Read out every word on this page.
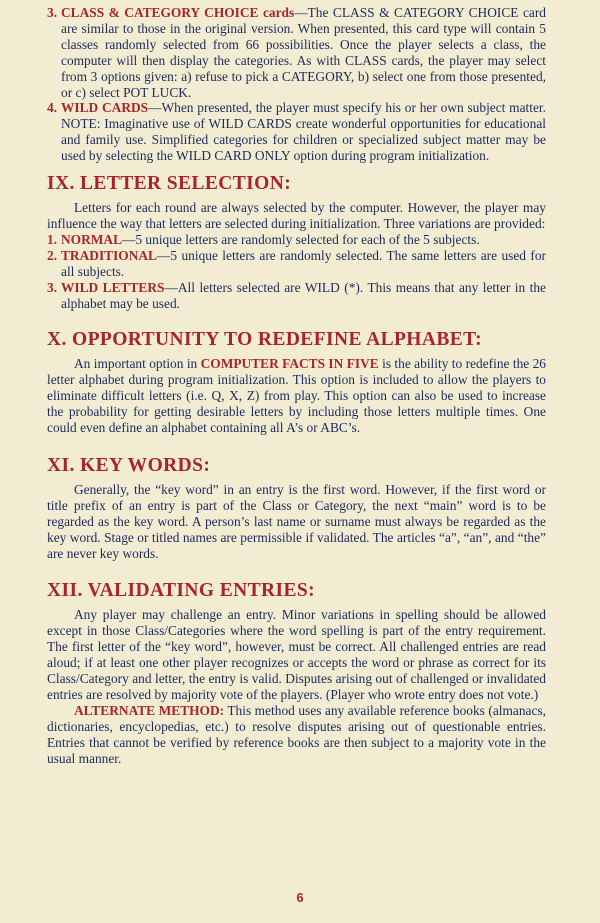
3. CLASS & CATEGORY CHOICE cards—The CLASS & CATEGORY CHOICE card are similar to those in the original version. When presented, this card type will contain 5 classes randomly selected from 66 possibilities. Once the player selects a class, the computer will then display the categories. As with CLASS cards, the player may select from 3 options given: a) refuse to pick a CATEGORY, b) select one from those presented, or c) select POT LUCK.
4. WILD CARDS—When presented, the player must specify his or her own subject matter. NOTE: Imaginative use of WILD CARDS create wonderful opportunities for educational and family use. Simplified categories for children or specialized subject matter may be used by selecting the WILD CARD ONLY option during program initialization.
IX. LETTER SELECTION:

Letters for each round are always selected by the computer. However, the player may influence the way that letters are selected during initialization. Three variations are provided:

1. NORMAL—5 unique letters are randomly selected for each of the 5 subjects.
2. TRADITIONAL—5 unique letters are randomly selected. The same letters are used for all subjects.
3. WILD LETTERS—All letters selected are WILD (*). This means that any letter in the alphabet may be used.
X. OPPORTUNITY TO REDEFINE ALPHABET:

An important option in COMPUTER FACTS IN FIVE is the ability to redefine the 26 letter alphabet during program initialization. This option is included to allow the players to eliminate difficult letters (i.e. Q, X, Z) from play. This option can also be used to increase the probability for getting desirable letters by including those letters multiple times. One could even define an alphabet containing all A’s or ABC’s.

XI. KEY WORDS:

Generally, the “key word” in an entry is the first word. However, if the first word or title prefix of an entry is part of the Class or Category, the next “main” word is to be regarded as the key word. A person’s last name or surname must always be regarded as the key word. Stage or titled names are permissible if validated. The articles “a”, “an”, and “the” are never key words.

XII. VALIDATING ENTRIES:

Any player may challenge an entry. Minor variations in spelling should be allowed except in those Class/Categories where the word spelling is part of the entry requirement. The first letter of the “key word”, however, must be correct. All challenged entries are read aloud; if at least one other player recognizes or accepts the word or phrase as correct for its Class/Category and letter, the entry is valid. Disputes arising out of challenged or invalidated entries are resolved by majority vote of the players. (Player who wrote entry does not vote.)

ALTERNATE METHOD: This method uses any available reference books (almanacs, dictionaries, encyclopedias, etc.) to resolve disputes arising out of questionable entries. Entries that cannot be verified by reference books are then subject to a majority vote in the usual manner.

6
